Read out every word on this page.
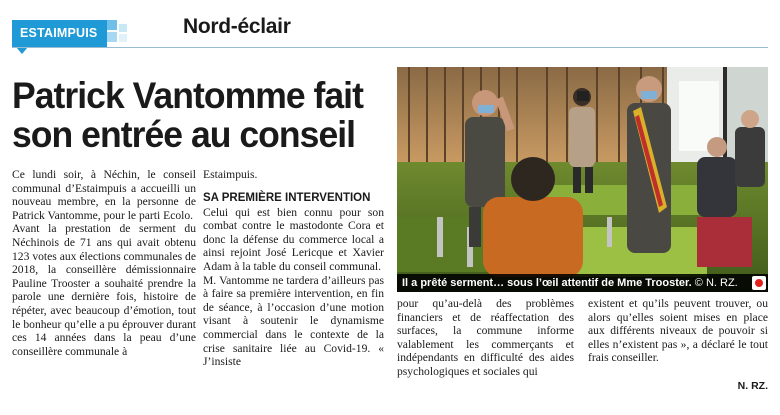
ESTAIMPUIS	Nord-éclair
Patrick Vantomme fait son entrée au conseil

Ce lundi soir, à Néchin, le conseil communal d’Estaimpuis a accueilli un nouveau membre, en la personne de Patrick Vantomme, pour le parti Ecolo.

Avant la prestation de serment du Néchinois de 71 ans qui avait obtenu 123 votes aux élections communales de 2018, la conseillère démissionnaire Pauline Trooster a souhaité prendre la parole une dernière fois, histoire de répéter, avec beaucoup d’émotion, tout le bonheur qu’elle a pu éprouver durant ces 14 années dans la peau d’une conseillère communale à

Estaimpuis.

SA PREMIÈRE INTERVENTION

Celui qui est bien connu pour son combat contre le mastodonte Cora et donc la défense du commerce local a ainsi rejoint José Lericque et Xavier Adam à la table du conseil communal.

M. Vantomme ne tardera d’ailleurs pas à faire sa première intervention, en fin de séance, à l’occasion d’une motion visant à soutenir le dynamisme commercial dans le contexte de la crise sanitaire liée au Covid-19. « J’insiste

Il a prêté serment… sous l’œil attentif de Mme Trooster. © N. RZ.

pour qu’au-delà des problèmes financiers et de réaffectation des surfaces, la commune informe valablement les commerçants et indépendants en difficulté des aides psychologiques et sociales qui

existent et qu’ils peuvent trouver, ou alors qu’elles soient mises en place aux différents niveaux de pouvoir si elles n’existent pas », a déclaré le tout frais conseiller.

N. RZ.
